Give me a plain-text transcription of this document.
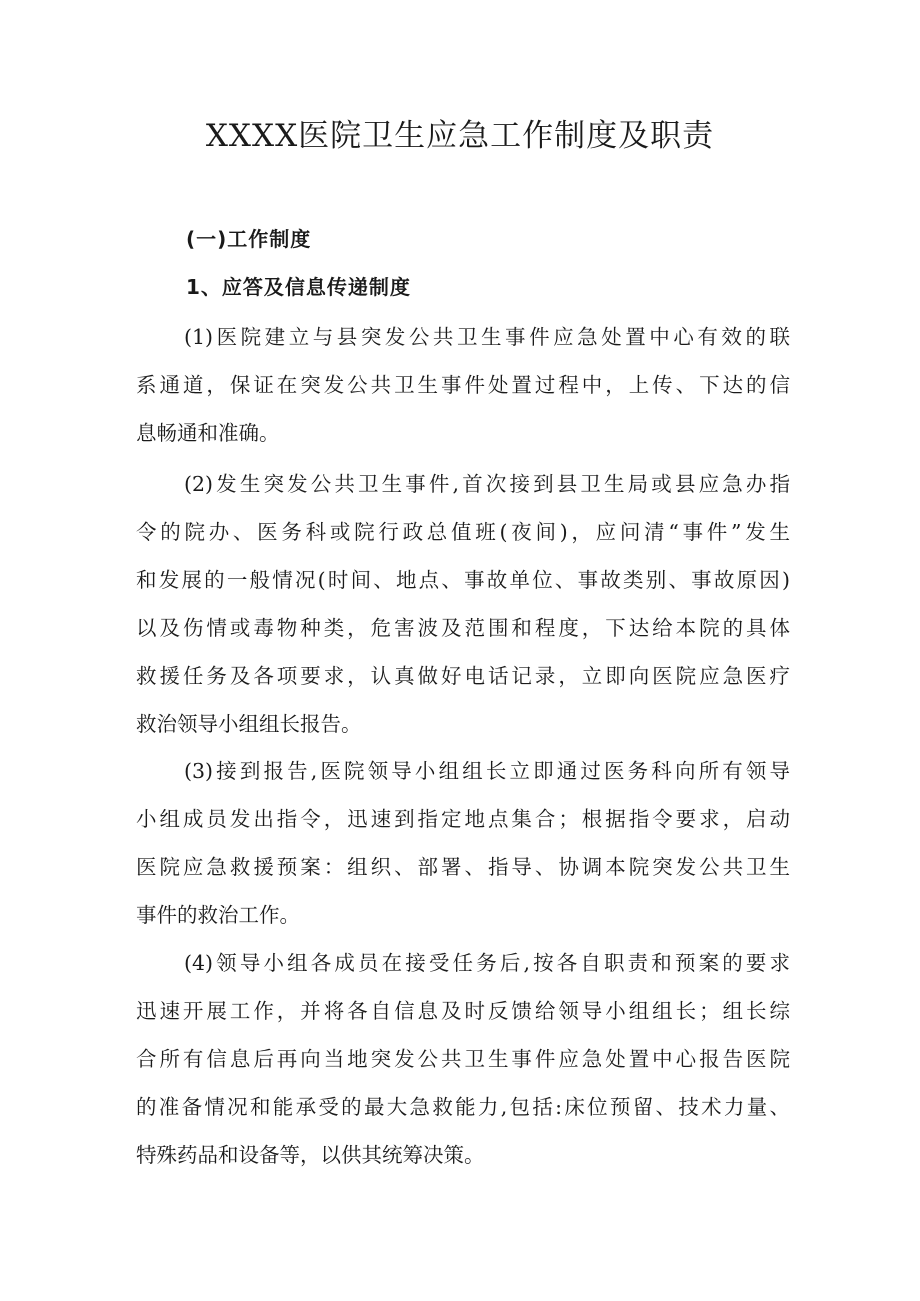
XXXX医院卫生应急工作制度及职责
(一)工作制度
1、应答及信息传递制度
(1)医院建立与县突发公共卫生事件应急处置中心有效的联
系通道，保证在突发公共卫生事件处置过程中，上传、下达的信
息畅通和准确。
(2)发生突发公共卫生事件,首次接到县卫生局或县应急办指
令的院办、医务科或院行政总值班(夜间)，应问清“事件”发生
和发展的一般情况(时间、地点、事故单位、事故类别、事故原因)
以及伤情或毒物种类，危害波及范围和程度，下达给本院的具体
救援任务及各项要求，认真做好电话记录，立即向医院应急医疗
救治领导小组组长报告。
(3)接到报告,医院领导小组组长立即通过医务科向所有领导
小组成员发出指令，迅速到指定地点集合；根据指令要求，启动
医院应急救援预案：组织、部署、指导、协调本院突发公共卫生
事件的救治工作。
(4)领导小组各成员在接受任务后,按各自职责和预案的要求
迅速开展工作，并将各自信息及时反馈给领导小组组长；组长综
合所有信息后再向当地突发公共卫生事件应急处置中心报告医院
的准备情况和能承受的最大急救能力,包括:床位预留、技术力量、
特殊药品和设备等，以供其统筹决策。
